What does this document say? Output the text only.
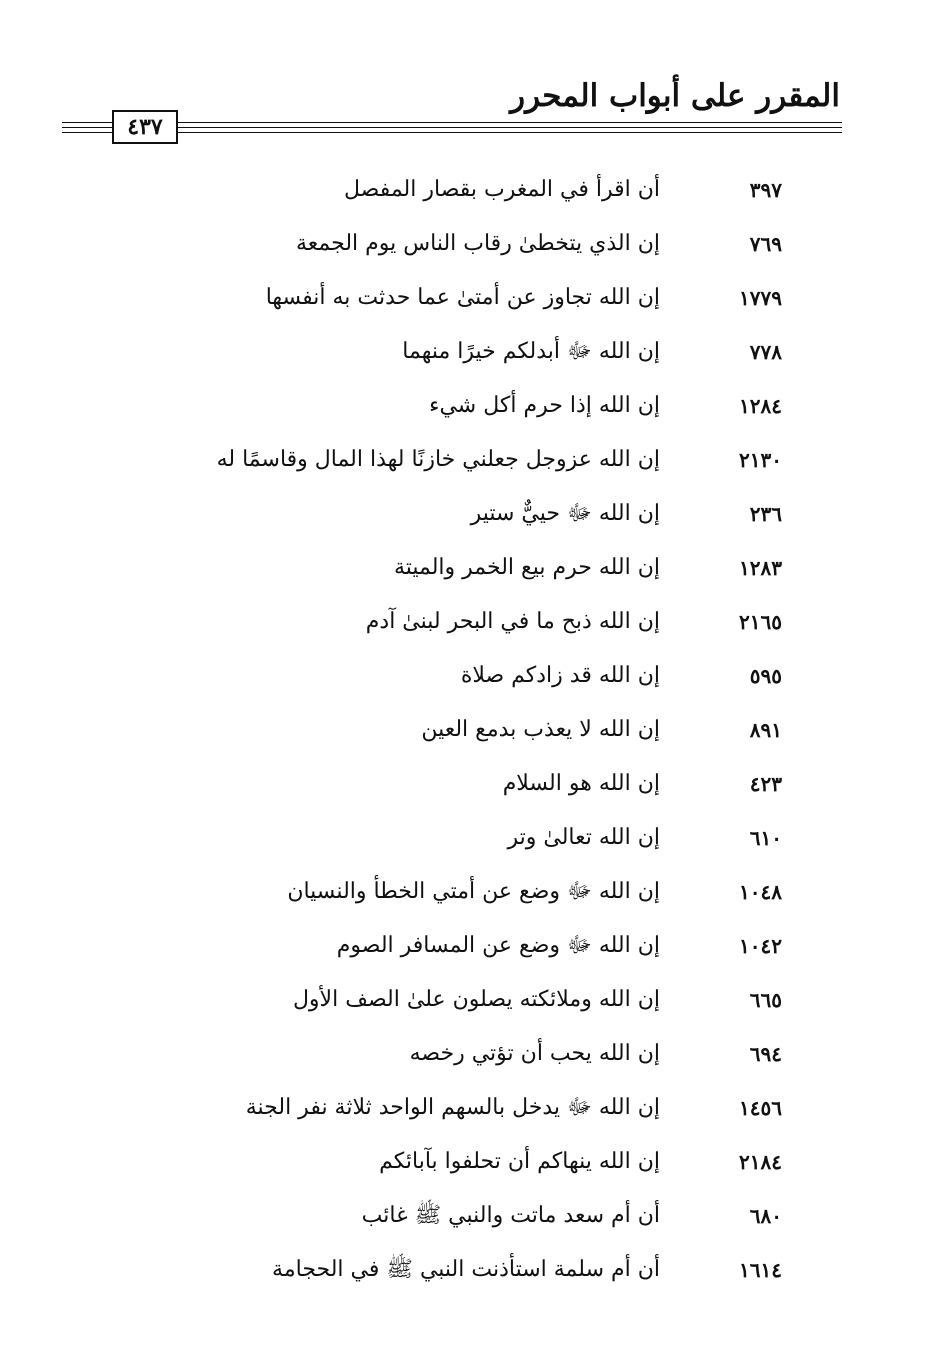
المقرر على أبواب المحرر
٤٣٧
٣٩٧
أن اقرأ في المغرب بقصار المفصل
٧٦٩
إن الذي يتخطىٰ رقاب الناس يوم الجمعة
١٧٧٩
إن الله تجاوز عن أمتىٰ عما حدثت به أنفسها
٧٧٨
إن الله ﷻ أبدلكم خيرًا منهما
١٢٨٤
إن الله إذا حرم أكل شيء
٢١٣٠
إن الله عزوجل جعلني خازنًا لهذا المال وقاسمًا له
٢٣٦
إن الله ﷻ حييٌّ ستير
١٢٨٣
إن الله حرم بيع الخمر والميتة
٢١٦٥
إن الله ذبح ما في البحر لبنىٰ آدم
٥٩٥
إن الله قد زادكم صلاة
٨٩١
إن الله لا يعذب بدمع العين
٤٢٣
إن الله هو السلام
٦١٠
إن الله تعالىٰ وتر
١٠٤٨
إن الله ﷻ وضع عن أمتي الخطأ والنسيان
١٠٤٢
إن الله ﷻ وضع عن المسافر الصوم
٦٦٥
إن الله وملائكته يصلون علىٰ الصف الأول
٦٩٤
إن الله يحب أن تؤتي رخصه
١٤٥٦
إن الله ﷻ يدخل بالسهم الواحد ثلاثة نفر الجنة
٢١٨٤
إن الله ينهاكم أن تحلفوا بآبائكم
٦٨٠
أن أم سعد ماتت والنبي ﷺ غائب
١٦١٤
أن أم سلمة استأذنت النبي ﷺ في الحجامة
